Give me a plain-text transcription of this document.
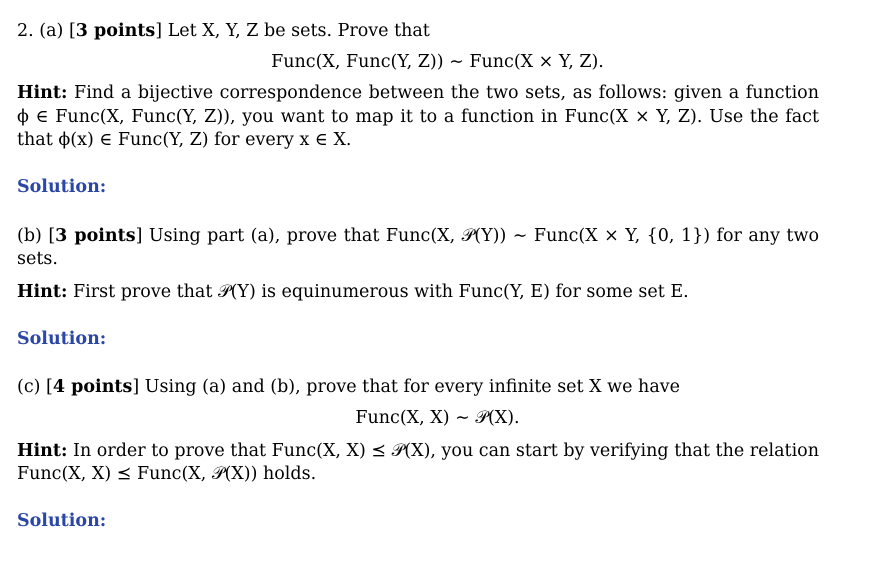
2. (a) [3 points] Let X, Y, Z be sets. Prove that
Func(X, Func(Y, Z)) ∼ Func(X × Y, Z).
Hint: Find a bijective correspondence between the two sets, as follows: given a function
ϕ ∈ Func(X, Func(Y, Z)), you want to map it to a function in Func(X × Y, Z). Use the fact
that ϕ(x) ∈ Func(Y, Z) for every x ∈ X.
Solution:
(b) [3 points] Using part (a), prove that Func(X, 𝒫(Y)) ∼ Func(X × Y, {0, 1}) for any two
sets.
Hint: First prove that 𝒫(Y) is equinumerous with Func(Y, E) for some set E.
Solution:
(c) [4 points] Using (a) and (b), prove that for every infinite set X we have
Func(X, X) ∼ 𝒫(X).
Hint: In order to prove that Func(X, X) ⪯ 𝒫(X), you can start by verifying that the relation
Func(X, X) ⪯ Func(X, 𝒫(X)) holds.
Solution:
